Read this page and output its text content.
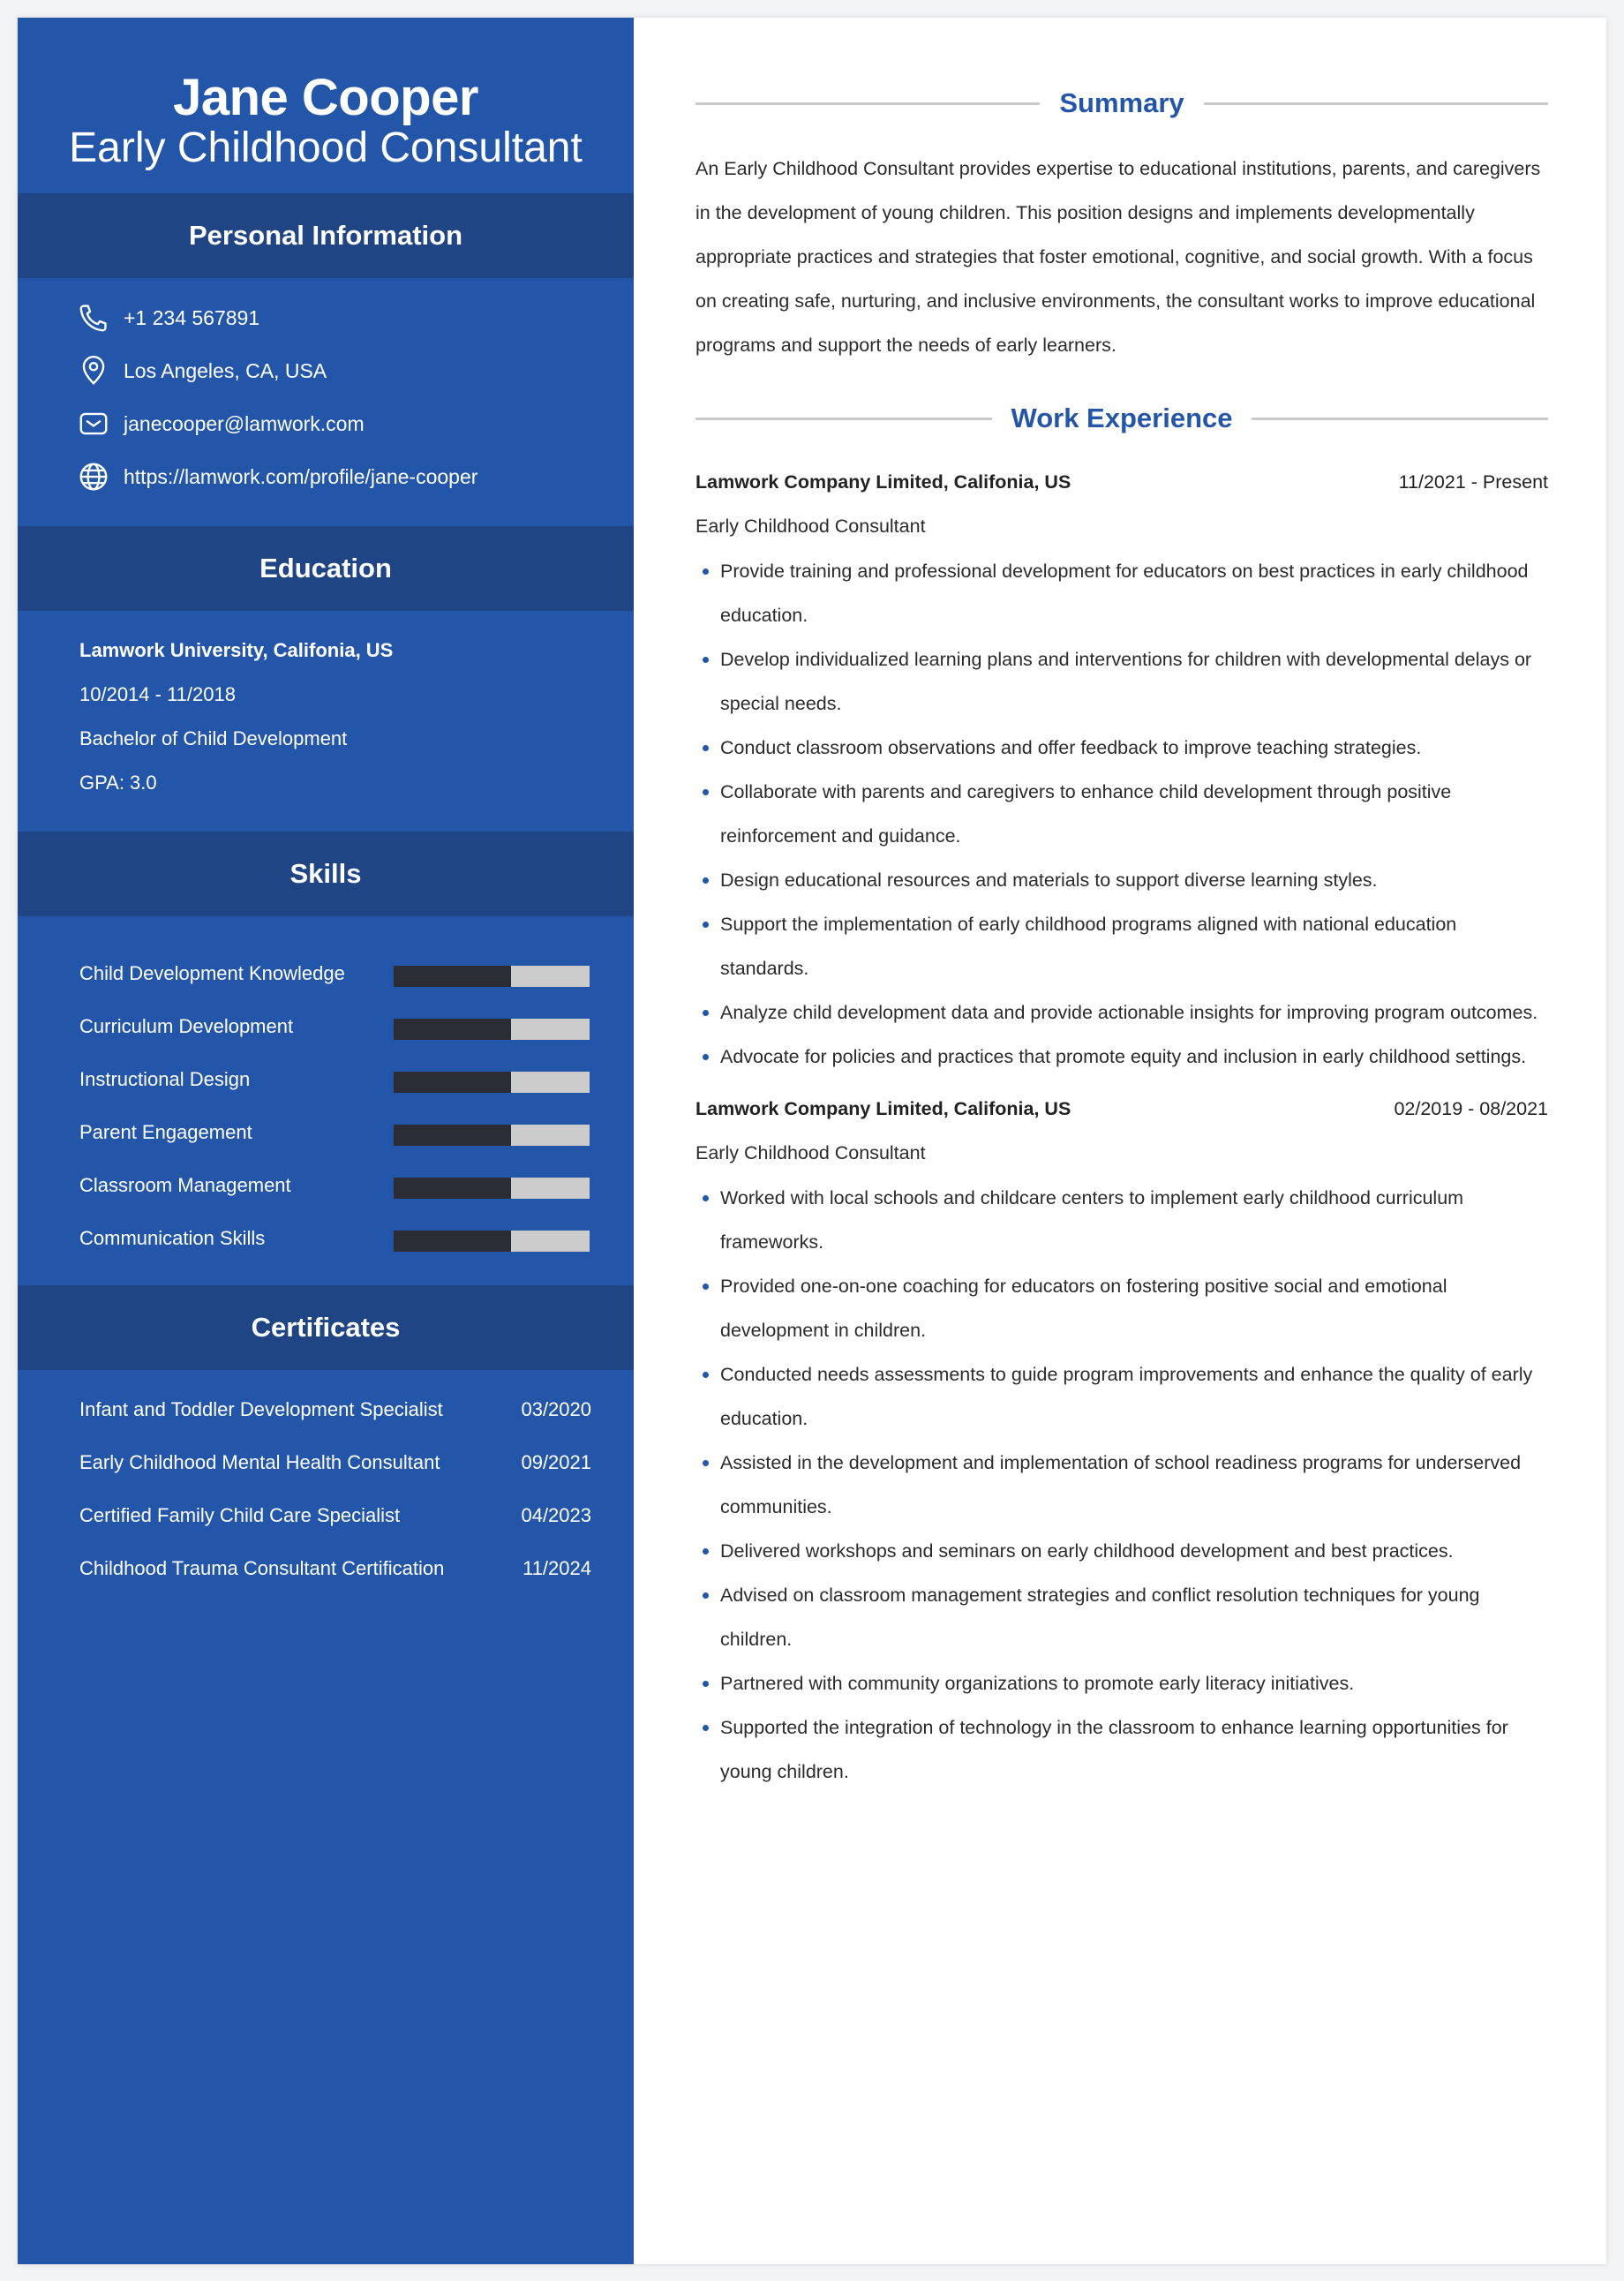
Jane Cooper
Early Childhood Consultant
Personal Information
+1 234 567891
Los Angeles, CA, USA
janecooper@lamwork.com
https://lamwork.com/profile/jane-cooper
Education
Lamwork University, Califonia, US
10/2014 - 11/2018
Bachelor of Child Development
GPA: 3.0
Skills
Child Development Knowledge
Curriculum Development
Instructional Design
Parent Engagement
Classroom Management
Communication Skills
Certificates
Infant and Toddler Development Specialist	03/2020
Early Childhood Mental Health Consultant	09/2021
Certified Family Child Care Specialist	04/2023
Childhood Trauma Consultant Certification	11/2024
Summary
An Early Childhood Consultant provides expertise to educational institutions, parents, and caregivers in the development of young children. This position designs and implements developmentally appropriate practices and strategies that foster emotional, cognitive, and social growth. With a focus on creating safe, nurturing, and inclusive environments, the consultant works to improve educational programs and support the needs of early learners.
Work Experience
Lamwork Company Limited, Califonia, US	11/2021 - Present
Early Childhood Consultant
Provide training and professional development for educators on best practices in early childhood education.
Develop individualized learning plans and interventions for children with developmental delays or special needs.
Conduct classroom observations and offer feedback to improve teaching strategies.
Collaborate with parents and caregivers to enhance child development through positive reinforcement and guidance.
Design educational resources and materials to support diverse learning styles.
Support the implementation of early childhood programs aligned with national education standards.
Analyze child development data and provide actionable insights for improving program outcomes.
Advocate for policies and practices that promote equity and inclusion in early childhood settings.
Lamwork Company Limited, Califonia, US	02/2019 - 08/2021
Early Childhood Consultant
Worked with local schools and childcare centers to implement early childhood curriculum frameworks.
Provided one-on-one coaching for educators on fostering positive social and emotional development in children.
Conducted needs assessments to guide program improvements and enhance the quality of early education.
Assisted in the development and implementation of school readiness programs for underserved communities.
Delivered workshops and seminars on early childhood development and best practices.
Advised on classroom management strategies and conflict resolution techniques for young children.
Partnered with community organizations to promote early literacy initiatives.
Supported the integration of technology in the classroom to enhance learning opportunities for young children.
